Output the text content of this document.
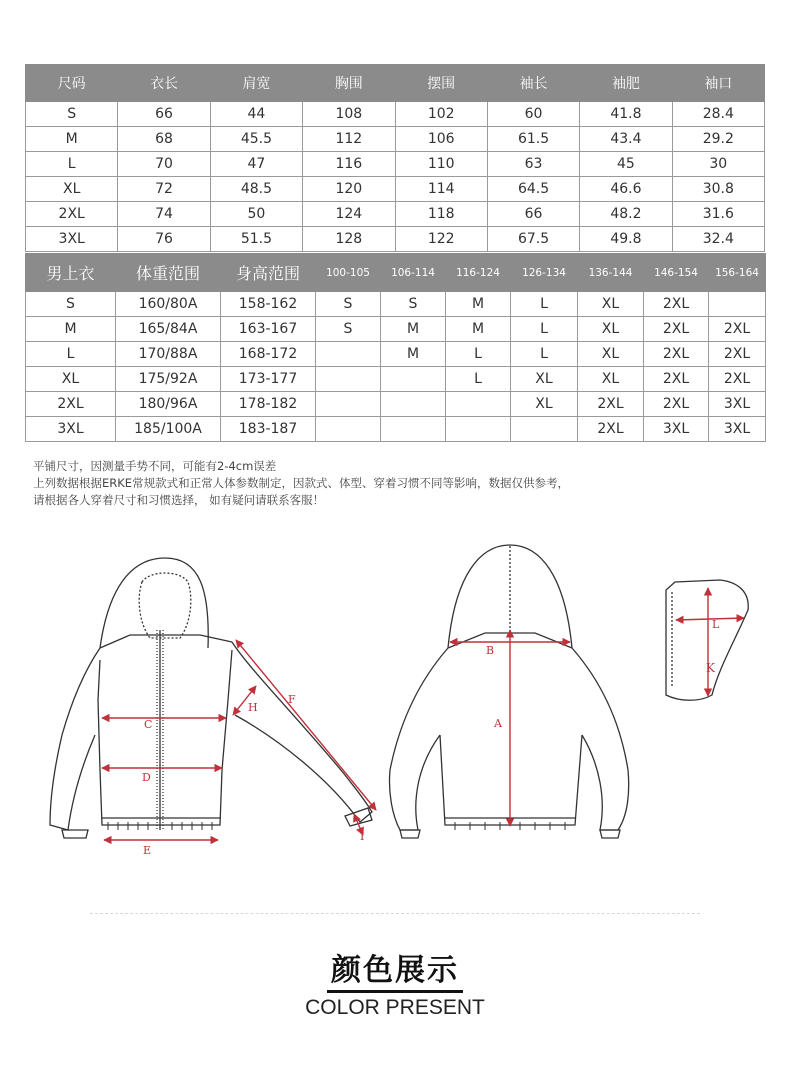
尺码	衣长	肩宽	胸围	摆围	袖长	袖肥	袖口
S	66	44	108	102	60	41.8	28.4
M	68	45.5	112	106	61.5	43.4	29.2
L	70	47	116	110	63	45	30
XL	72	48.5	120	114	64.5	46.6	30.8
2XL	74	50	124	118	66	48.2	31.6
3XL	76	51.5	128	122	67.5	49.8	32.4
男上衣	体重范围	身高范围	100-105	106-114	116-124	126-134	136-144	146-154	156-164
S	160/80A	158-162	S	S	M	L	XL	2XL	
M	165/84A	163-167	S	M	M	L	XL	2XL	2XL
L	170/88A	168-172		M	L	L	XL	2XL	2XL
XL	175/92A	173-177			L	XL	XL	2XL	2XL
2XL	180/96A	178-182				XL	2XL	2XL	3XL
3XL	185/100A	183-187					2XL	3XL	3XL
平铺尺寸，因测量手势不同，可能有2-4cm误差
上列数据根据ERKE常规款式和正常人体参数制定，因款式、体型、穿着习惯不同等影响，数据仅供参考，
请根据各人穿着尺寸和习惯选择， 如有疑问请联系客服！
C
D
E
F
H
I
B
A
L
K
颜色展示
COLOR PRESENT
